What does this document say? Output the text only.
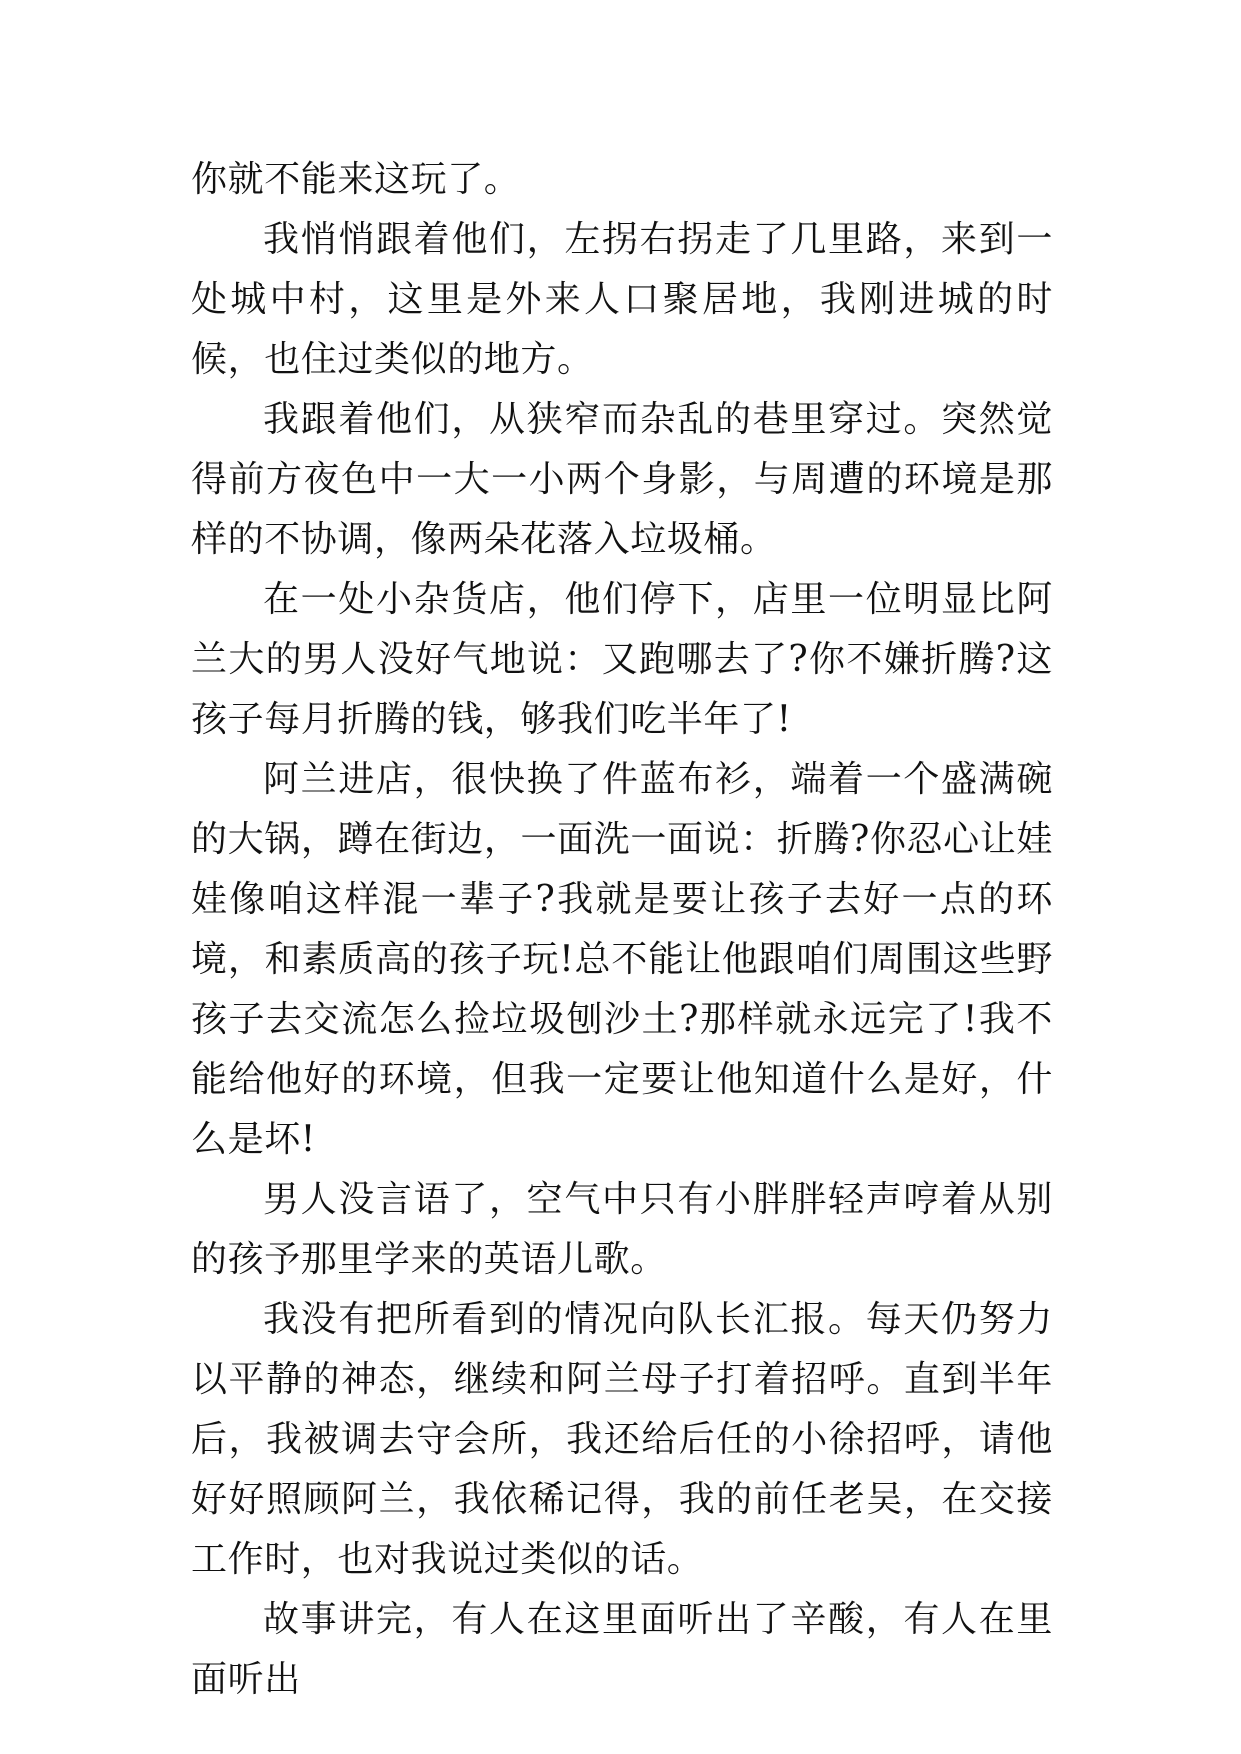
你就不能来这玩了。

我悄悄跟着他们，左拐右拐走了几里路，来到一处城中村，这里是外来人口聚居地，我刚进城的时候，也住过类似的地方。

我跟着他们，从狭窄而杂乱的巷里穿过。突然觉得前方夜色中一大一小两个身影，与周遭的环境是那样的不协调，像两朵花落入垃圾桶。

在一处小杂货店，他们停下，店里一位明显比阿兰大的男人没好气地说：又跑哪去了?你不嫌折腾?这孩子每月折腾的钱，够我们吃半年了!

阿兰进店，很快换了件蓝布衫，端着一个盛满碗的大锅，蹲在街边，一面洗一面说：折腾?你忍心让娃娃像咱这样混一辈子?我就是要让孩子去好一点的环境，和素质高的孩子玩!总不能让他跟咱们周围这些野孩子去交流怎么捡垃圾刨沙土?那样就永远完了!我不能给他好的环境，但我一定要让他知道什么是好，什么是坏!

男人没言语了，空气中只有小胖胖轻声哼着从别的孩予那里学来的英语儿歌。

我没有把所看到的情况向队长汇报。每天仍努力以平静的神态，继续和阿兰母子打着招呼。直到半年后，我被调去守会所，我还给后任的小徐招呼，请他好好照顾阿兰，我依稀记得，我的前任老吴，在交接工作时，也对我说过类似的话。

故事讲完，有人在这里面听出了辛酸，有人在里面听出
